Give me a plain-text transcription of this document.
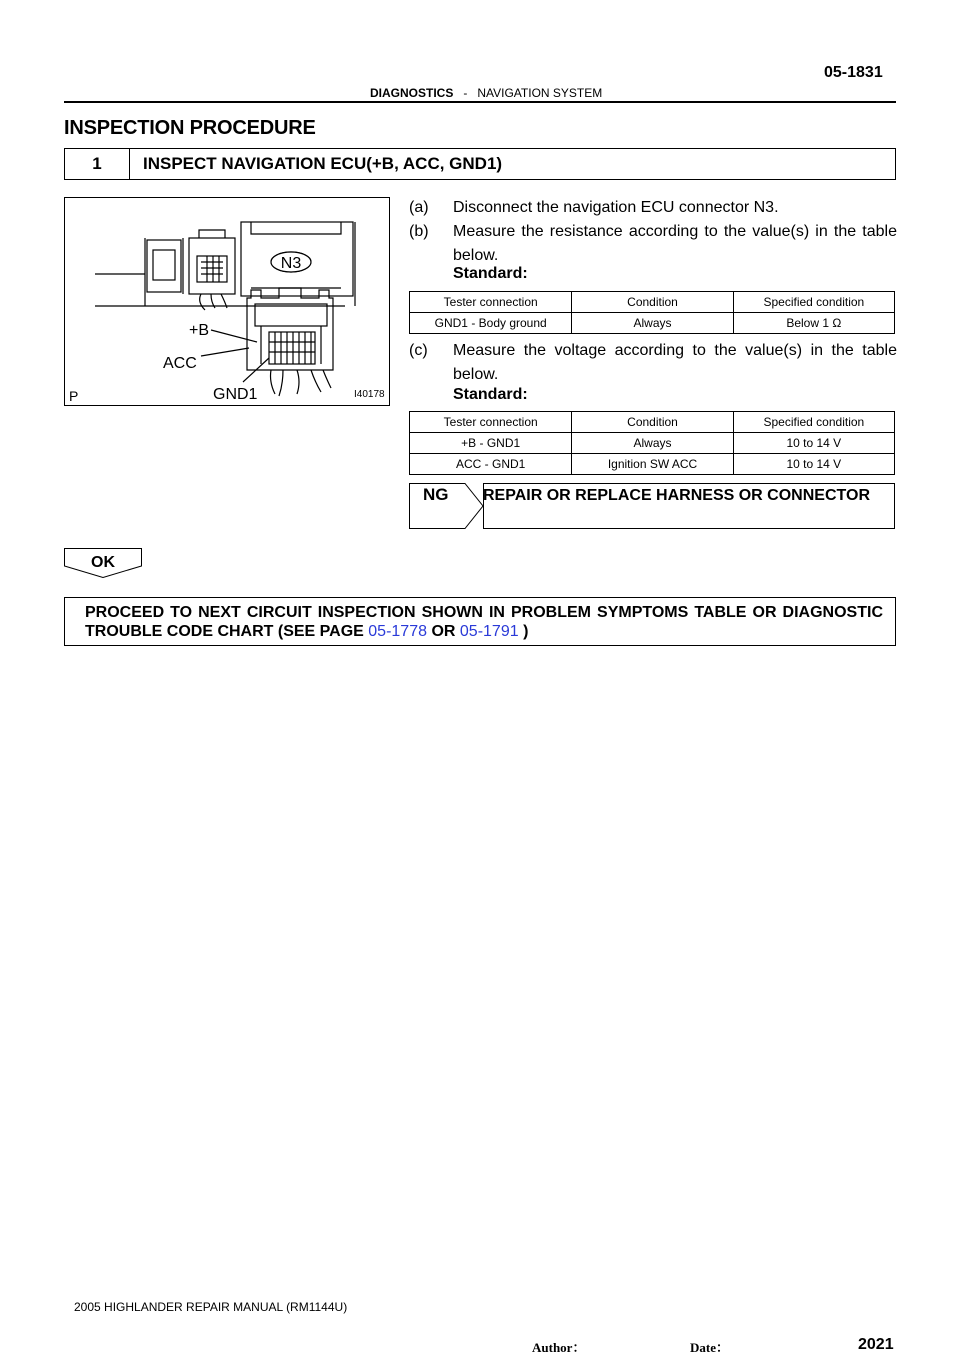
05-1831
DIAGNOSTICS - NAVIGATION SYSTEM
INSPECTION PROCEDURE
1	INSPECT NAVIGATION ECU(+B, ACC, GND1)
N3
+B
ACC
GND1
P	I40178
(a) Disconnect the navigation ECU connector N3.
(b) Measure the resistance according to the value(s) in the table below.
Standard:
Tester connection	Condition	Specified condition
GND1 - Body ground	Always	Below 1 Ω
(c) Measure the voltage according to the value(s) in the table below.
Standard:
Tester connection	Condition	Specified condition
+B - GND1	Always	10 to 14 V
ACC - GND1	Ignition SW ACC	10 to 14 V
NG REPAIR OR REPLACE HARNESS OR CONNECTOR
OK
PROCEED TO NEXT CIRCUIT INSPECTION SHOWN IN PROBLEM SYMPTOMS TABLE OR DIAGNOSTIC TROUBLE CODE CHART (SEE PAGE 05-1778 OR 05-1791 )
2005 HIGHLANDER REPAIR MANUAL (RM1144U)
Author：	Date：	2021
